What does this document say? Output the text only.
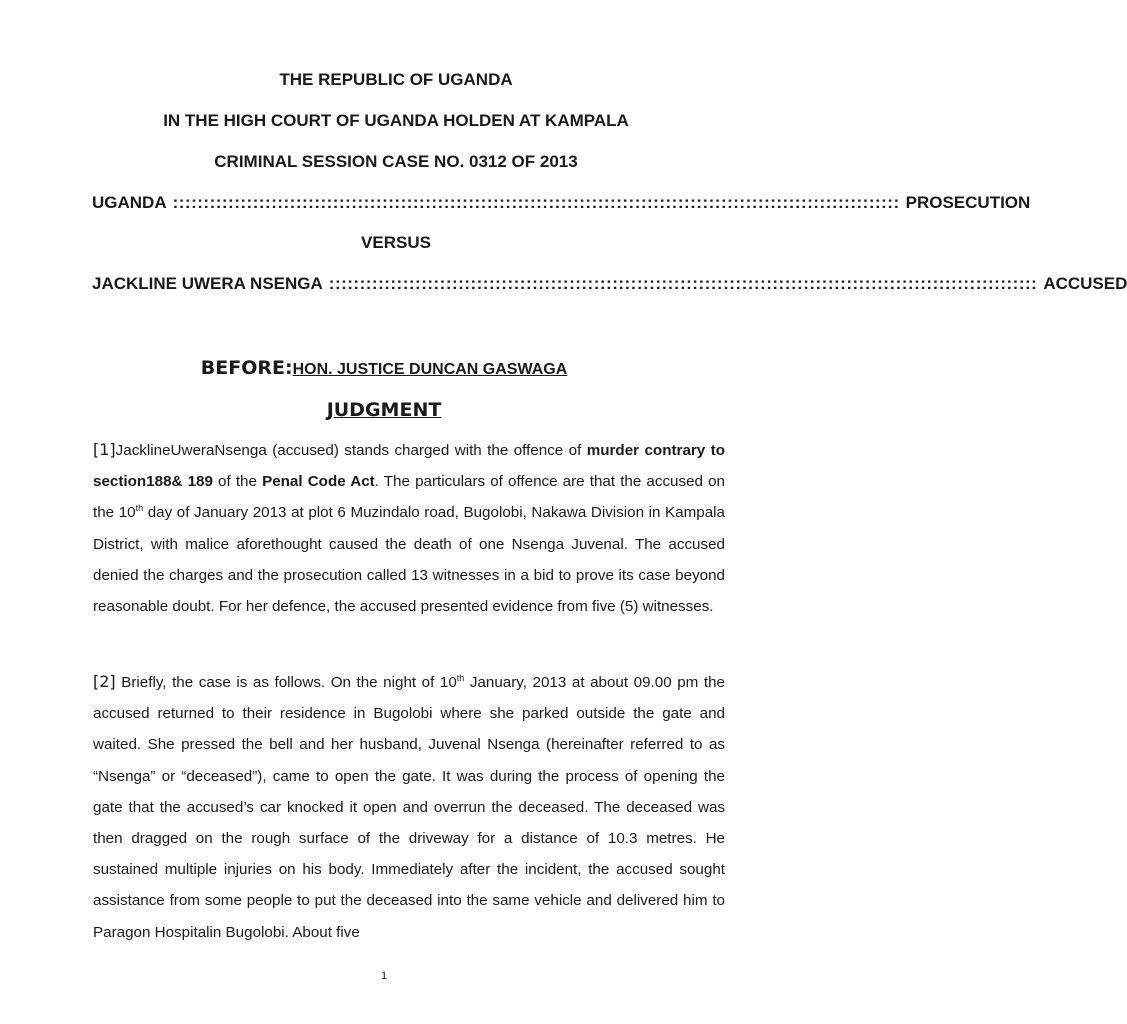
THE REPUBLIC OF UGANDA
IN THE HIGH COURT OF UGANDA HOLDEN AT KAMPALA
CRIMINAL SESSION CASE NO. 0312 OF 2013
UGANDA :::::::::::::::::::::::::::::::::::::::::::::::::::::::::::::::::::::::::::::::::::::::::::::::::::::::::::::::::::::: PROSECUTION
VERSUS
JACKLINE UWERA NSENGA ::::::::::::::::::::::::::::::::::::::::::::::::::::::::::::::::::::::::::::::::::::::::::::::::::::::::::::::::::: ACCUSED
BEFORE:HON. JUSTICE DUNCAN GASWAGA
JUDGMENT

[1]JacklineUweraNsenga (accused) stands charged with the offence of murder contrary to section188& 189 of the Penal Code Act. The particulars of offence are that the accused on the 10th day of January 2013 at plot 6 Muzindalo road, Bugolobi, Nakawa Division in Kampala District, with malice aforethought caused the death of one Nsenga Juvenal. The accused denied the charges and the prosecution called 13 witnesses in a bid to prove its case beyond reasonable doubt. For her defence, the accused presented evidence from five (5) witnesses.

[2] Briefly, the case is as follows. On the night of 10th January, 2013 at about 09.00 pm the accused returned to their residence in Bugolobi where she parked outside the gate and waited. She pressed the bell and her husband, Juvenal Nsenga (hereinafter referred to as “Nsenga” or “deceased”), came to open the gate. It was during the process of opening the gate that the accused’s car knocked it open and overrun the deceased. The deceased was then dragged on the rough surface of the driveway for a distance of 10.3 metres. He sustained multiple injuries on his body. Immediately after the incident, the accused sought assistance from some people to put the deceased into the same vehicle and delivered him to Paragon Hospitalin Bugolobi. About five

1
